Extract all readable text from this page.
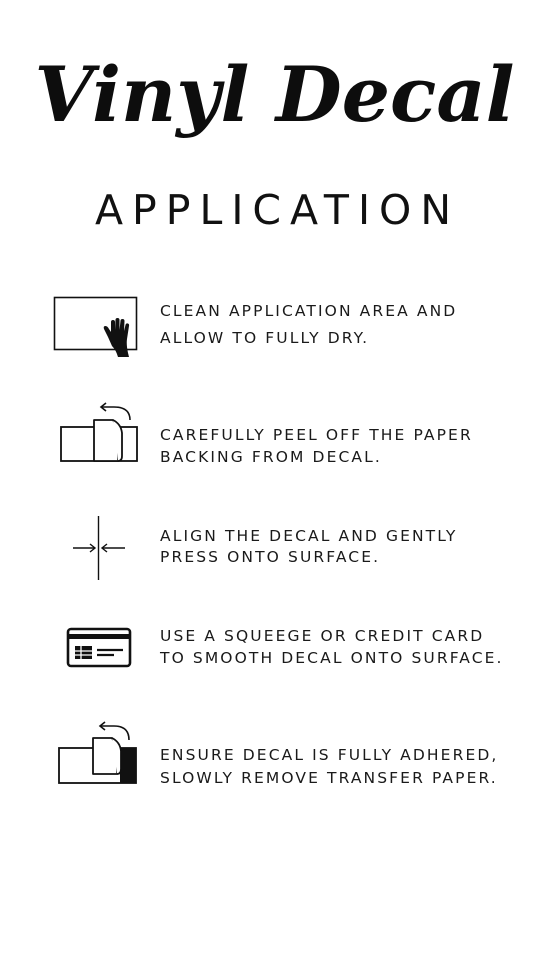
Vinyl Decal
APPLICATION
CLEAN APPLICATION AREA AND
ALLOW TO FULLY DRY.
CAREFULLY PEEL OFF THE PAPER
BACKING FROM DECAL.
ALIGN THE DECAL AND GENTLY
PRESS ONTO SURFACE.
USE A SQUEEGE OR CREDIT CARD
TO SMOOTH DECAL ONTO SURFACE.
ENSURE DECAL IS FULLY ADHERED,
SLOWLY REMOVE TRANSFER PAPER.
